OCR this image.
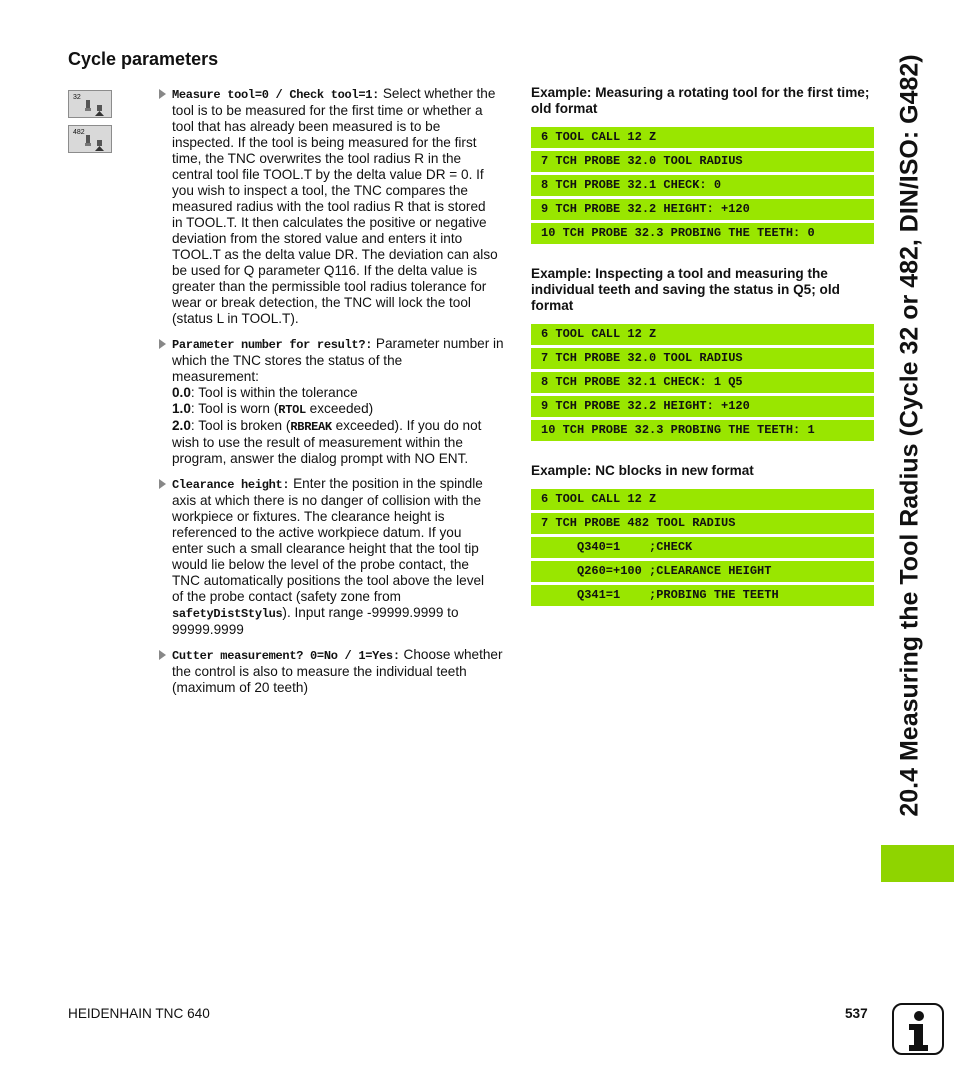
Cycle parameters
32
482
Measure tool=0 / Check tool=1: Select whether the
tool is to be measured for the first time or whether a
tool that has already been measured is to be
inspected. If the tool is being measured for the first
time, the TNC overwrites the tool radius R in the
central tool file TOOL.T by the delta value DR = 0. If
you wish to inspect a tool, the TNC compares the
measured radius with the tool radius R that is stored
in TOOL.T. It then calculates the positive or negative
deviation from the stored value and enters it into
TOOL.T as the delta value DR. The deviation can also
be used for Q parameter Q116. If the delta value is
greater than the permissible tool radius tolerance for
wear or break detection, the TNC will lock the tool
(status L in TOOL.T).
Parameter number for result?: Parameter number in
which the TNC stores the status of the
measurement:
0.0: Tool is within the tolerance
1.0: Tool is worn (RTOL exceeded)
2.0: Tool is broken (RBREAK exceeded). If you do not
wish to use the result of measurement within the
program, answer the dialog prompt with NO ENT.
Clearance height: Enter the position in the spindle
axis at which there is no danger of collision with the
workpiece or fixtures. The clearance height is
referenced to the active workpiece datum. If you
enter such a small clearance height that the tool tip
would lie below the level of the probe contact, the
TNC automatically positions the tool above the level
of the probe contact (safety zone from
safetyDistStylus). Input range -99999.9999 to
99999.9999
Cutter measurement? 0=No / 1=Yes: Choose whether
the control is also to measure the individual teeth
(maximum of 20 teeth)

Example: Measuring a rotating tool for the first time; old format

6 TOOL CALL 12 Z
7 TCH PROBE 32.0 TOOL RADIUS
8 TCH PROBE 32.1 CHECK: 0
9 TCH PROBE 32.2 HEIGHT: +120
10 TCH PROBE 32.3 PROBING THE TEETH: 0

Example: Inspecting a tool and measuring the individual teeth and saving the status in Q5; old format

6 TOOL CALL 12 Z
7 TCH PROBE 32.0 TOOL RADIUS
8 TCH PROBE 32.1 CHECK: 1 Q5
9 TCH PROBE 32.2 HEIGHT: +120
10 TCH PROBE 32.3 PROBING THE TEETH: 1

Example: NC blocks in new format

6 TOOL CALL 12 Z
7 TCH PROBE 482 TOOL RADIUS
Q340=1    ;CHECK
Q260=+100 ;CLEARANCE HEIGHT
Q341=1    ;PROBING THE TEETH	20.4 Measuring the Tool Radius (Cycle 32 or 482, DIN/ISO: G482)
HEIDENHAIN TNC 640	537
